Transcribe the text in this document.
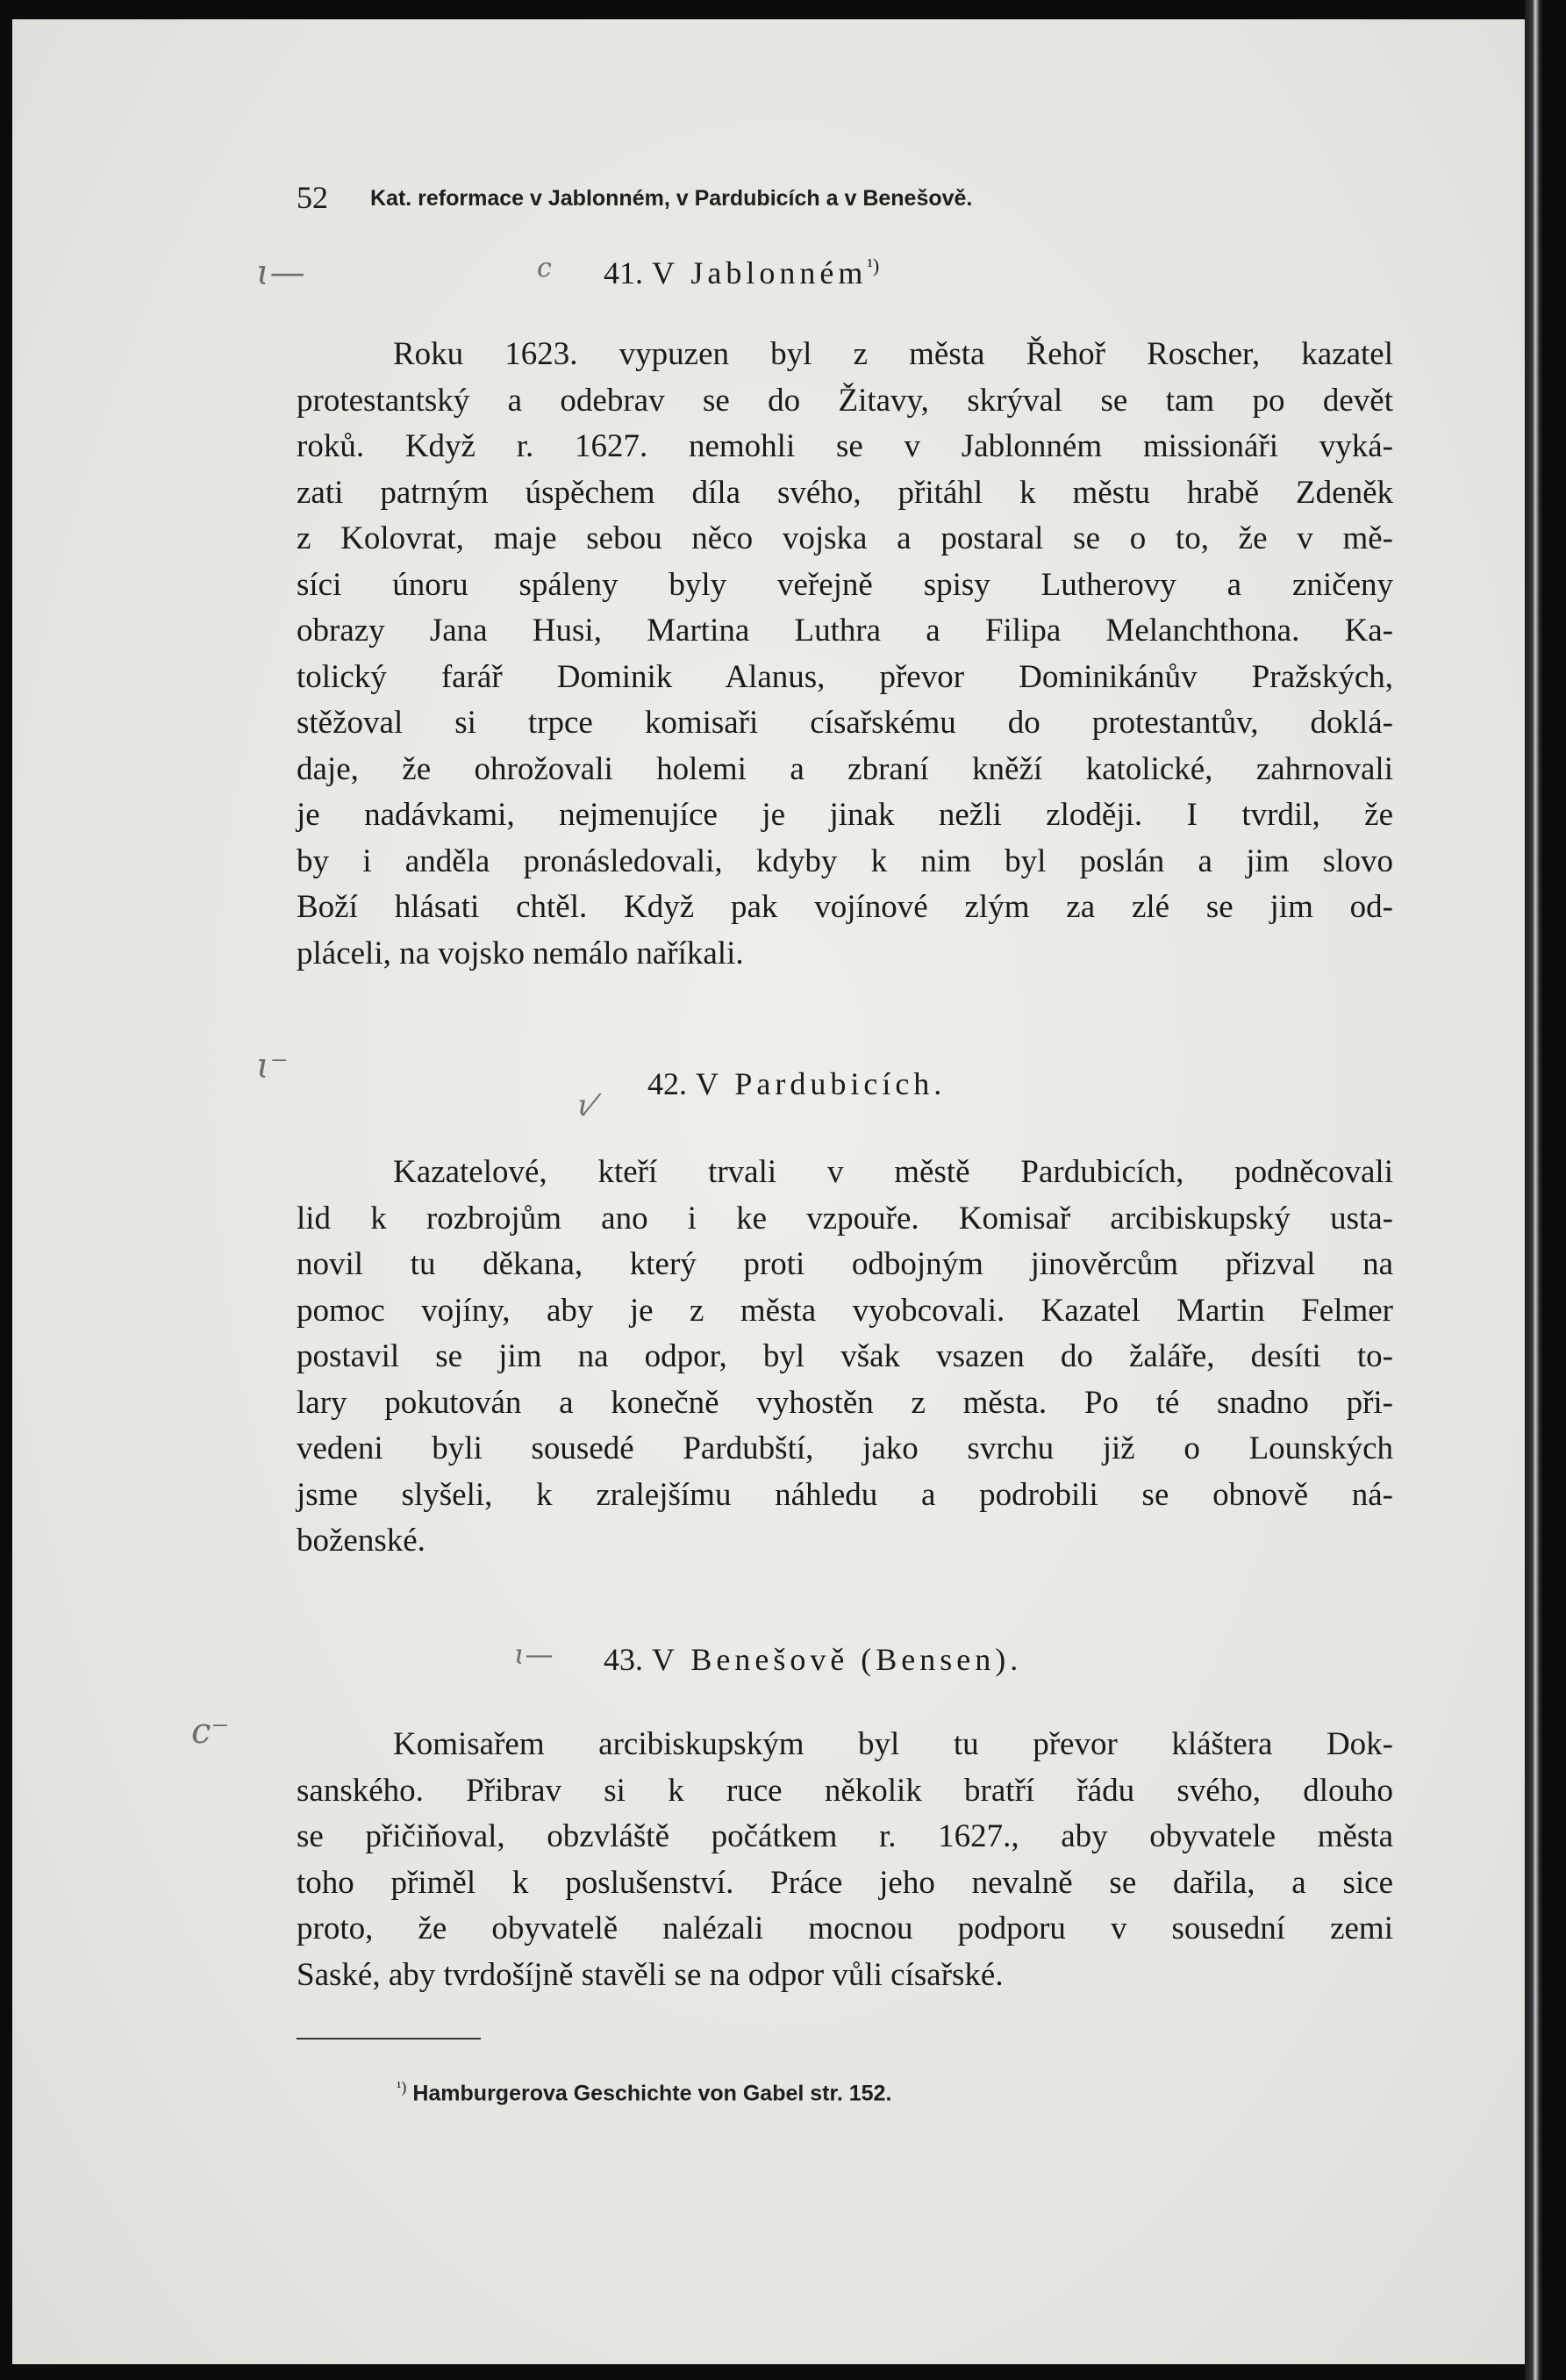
ɩ—	c
ɩ⁻
ɩ⁄
ɩ—
c⁻
52 Kat. reformace v Jablonném, v Pardubicích a v Benešově.
41. V Jablonném$^{^1)}$
Roku 1623. vypuzen byl z města Řehoř Roscher, kazatel
protestantský a odebrav se do Žitavy, skrýval se tam po devět
roků. Když r. 1627. nemohli se v Jablonném missionáři vyká-
zati patrným úspěchem díla svého, přitáhl k městu hrabě Zdeněk
z Kolovrat, maje sebou něco vojska a postaral se o to, že v mě-
síci únoru spáleny byly veřejně spisy Lutherovy a zničeny
obrazy Jana Husi, Martina Luthra a Filipa Melanchthona. Ka-
tolický farář Dominik Alanus, převor Dominikánův Pražských,
stěžoval si trpce komisaři císařskému do protestantův, doklá-
daje, že ohrožovali holemi a zbraní kněží katolické, zahrnovali
je nadávkami, nejmenujíce je jinak nežli zloději. I tvrdil, že
by i anděla pronásledovali, kdyby k nim byl poslán a jim slovo
Boží hlásati chtěl. Když pak vojínové zlým za zlé se jim od-
pláceli, na vojsko nemálo naříkali.
42. V Pardubicích.
Kazatelové, kteří trvali v městě Pardubicích, podněcovali
lid k rozbrojům ano i ke vzpouře. Komisař arcibiskupský usta-
novil tu děkana, který proti odbojným jinověrcům přizval na
pomoc vojíny, aby je z města vyobcovali. Kazatel Martin Felmer
postavil se jim na odpor, byl však vsazen do žaláře, desíti to-
lary pokutován a konečně vyhostěn z města. Po té snadno při-
vedeni byli sousedé Pardubští, jako svrchu již o Lounských
jsme slyšeli, k zralejšímu náhledu a podrobili se obnově ná-
boženské.
43. V Benešově (Bensen).
Komisařem arcibiskupským byl tu převor kláštera Dok-
sanského. Přibrav si k ruce několik bratří řádu svého, dlouho
se přičiňoval, obzvláště počátkem r. 1627., aby obyvatele města
toho přiměl k poslušenství. Práce jeho nevalně se dařila, a sice
proto, že obyvatelě nalézali mocnou podporu v sousední zemi
Saské, aby tvrdošíjně stavěli se na odpor vůli císařské.
$^{^1)}$ Hamburgerova Geschichte von Gabel str. 152.
